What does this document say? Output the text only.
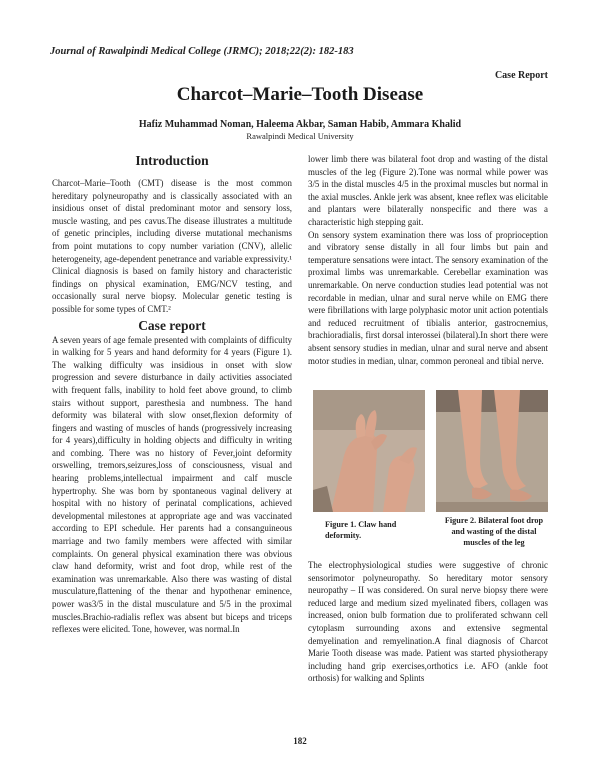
Journal of Rawalpindi Medical College (JRMC); 2018;22(2): 182-183
Case Report
Charcot–Marie–Tooth Disease
Hafiz Muhammad Noman, Haleema Akbar, Saman Habib, Ammara Khalid
Rawalpindi Medical University
Introduction

Charcot–Marie–Tooth (CMT) disease is the most common hereditary polyneuropathy and is classically associated with an insidious onset of distal predominant motor and sensory loss, muscle wasting, and pes cavus.The disease illustrates a multitude of genetic principles, including diverse mutational mechanisms from point mutations to copy number variation (CNV), allelic heterogeneity, age-dependent penetrance and variable expressivity.¹ Clinical diagnosis is based on family history and characteristic findings on physical examination, EMG/NCV testing, and occasionally sural nerve biopsy. Molecular genetic testing is possible for some types of CMT.²

Case report

A seven years of age female presented with complaints of difficulty in walking for 5 years and hand deformity for 4 years (Figure 1). The walking difficulty was insidious in onset with slow progression and severe disturbance in daily activities associated with frequent falls, inability to hold feet above ground, to climb stairs without support, paresthesia and numbness. The hand deformity was bilateral with slow onset,flexion deformity of fingers and wasting of muscles of hands (progressively increasing for 4 years),difficulty in holding objects and difficulty in writing and combing. There was no history of Fever,joint deformity orswelling, tremors,seizures,loss of consciousness, visual and hearing problems,intellectual impairment and calf muscle hypertrophy. She was born by spontaneous vaginal delivery at hospital with no history of perinatal complications, achieved developmental milestones at appropriate age and was vaccinated according to EPI schedule. Her parents had a consanguineous marriage and two family members were affected with similar complaints. On general physical examination there was obvious claw hand deformity, wrist and foot drop, while rest of the examination was unremarkable. Also there was wasting of distal musculature,flattening of the thenar and hypothenar eminence, power was3/5 in the distal musculature and 5/5 in the proximal muscles.Brachio-radialis reflex was absent but biceps and triceps reflexes were elicited. Tone, however, was normal.In

lower limb there was bilateral foot drop and wasting of the distal muscles of the leg (Figure 2).Tone was normal while power was 3/5 in the distal muscles 4/5 in the proximal muscles but normal in the axial muscles. Ankle jerk was absent, knee reflex was elicitable and plantars were bilaterally nonspecific and there was a characteristic high stepping gait.

On sensory system examination there was loss of proprioception and vibratory sense distally in all four limbs but pain and temperature sensations were intact. The sensory examination of the proximal limbs was unremarkable. Cerebellar examination was unremarkable. On nerve conduction studies lead potential was not recordable in median, ulnar and sural nerve while on EMG there were fibrillations with large polyphasic motor unit action potentials and reduced recruitment of tibialis anterior, gastrocnemius, brachioradialis, first dorsal interossei (bilateral).In short there were absent sensory studies in median, ulnar and sural nerve and absent motor studies in median, ulnar, common peroneal and tibial nerve.

Figure 1. Claw hand deformity.
Figure 2. Bilateral foot drop and wasting of the distal muscles of the leg

The electrophysiological studies were suggestive of chronic sensorimotor polyneuropathy. So hereditary motor sensory neuropathy – II was considered. On sural nerve biopsy there were reduced large and medium sized myelinated fibers, collagen was increased, onion bulb formation due to proliferated schwann cell cytoplasm surrounding axons and extensive segmental demyelination and remyelination.A final diagnosis of Charcot Marie Tooth disease was made. Patient was started physiotherapy including hand grip exercises,orthotics i.e. AFO (ankle foot orthosis) for walking and Splints

182
